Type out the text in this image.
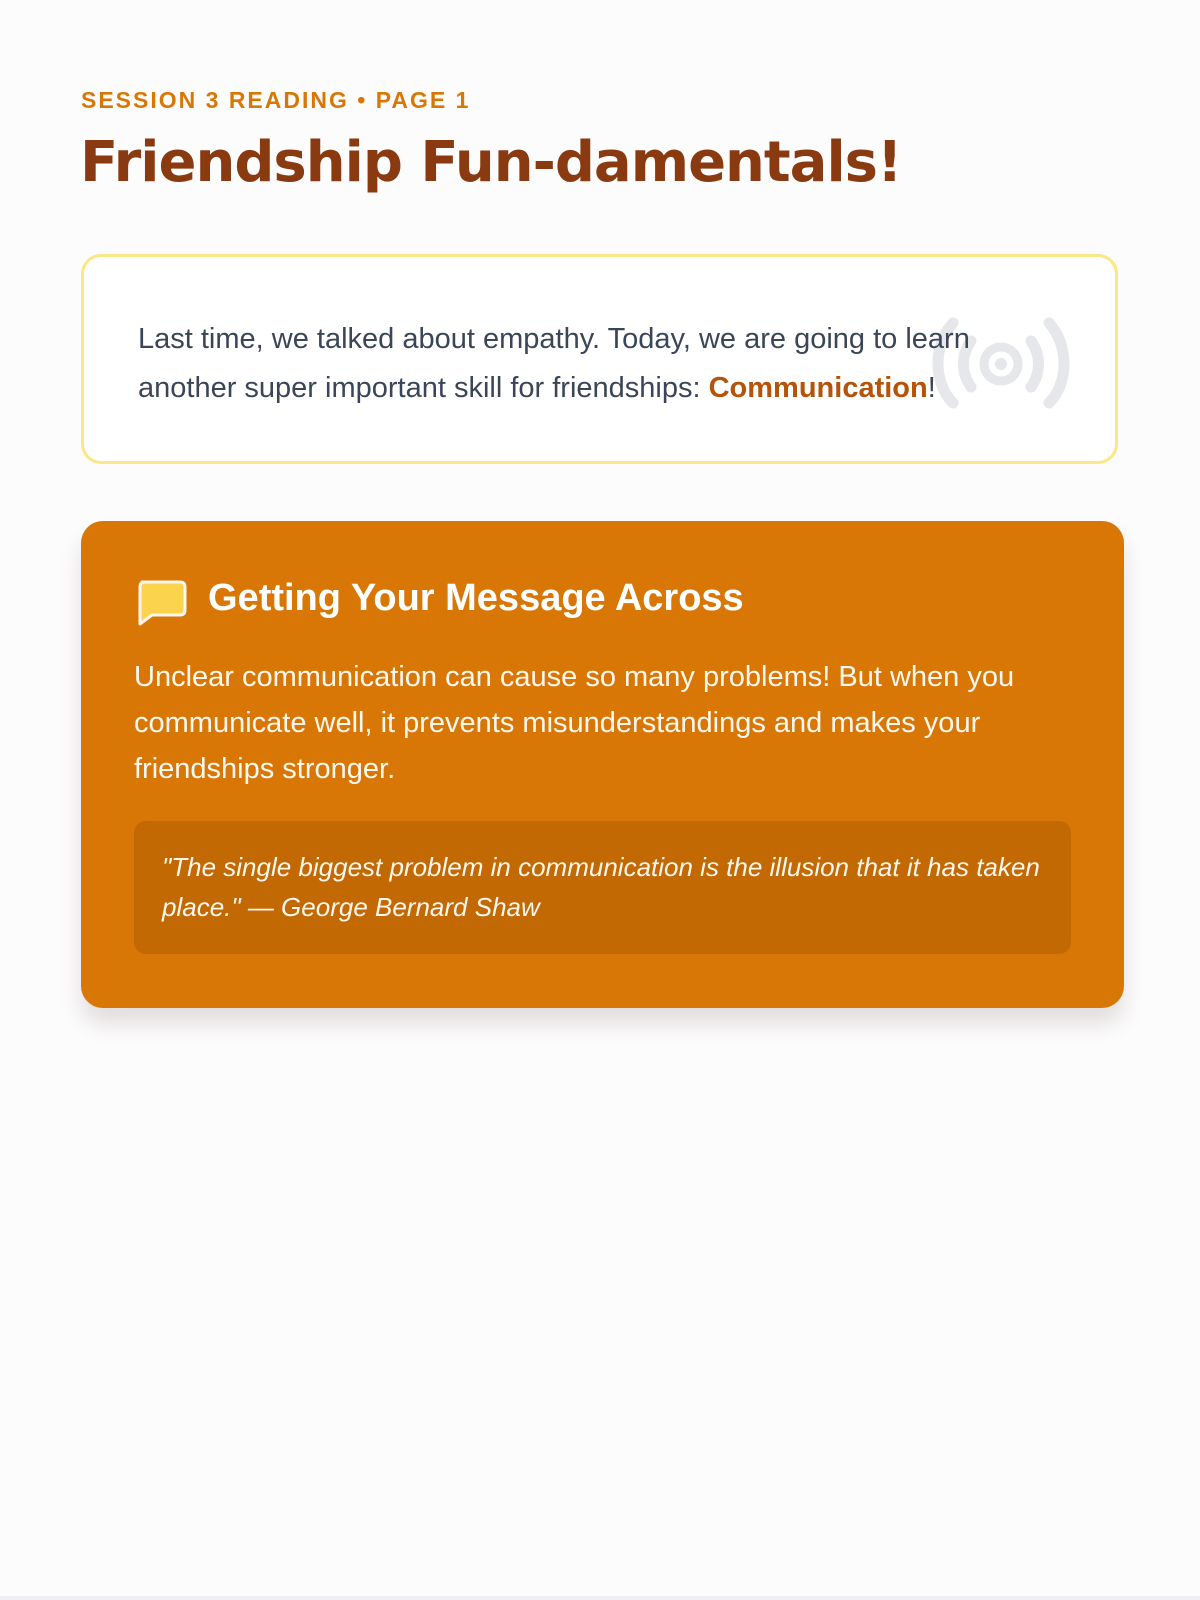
SESSION 3 READING • PAGE 1
Friendship Fun-damentals!

Last time, we talked about empathy. Today, we are going to learn another super important skill for friendships: Communication!

Getting Your Message Across

Unclear communication can cause so many problems! But when you communicate well, it prevents misunderstandings and makes your friendships stronger.

"The single biggest problem in communication is the illusion that it has taken place." — George Bernard Shaw
